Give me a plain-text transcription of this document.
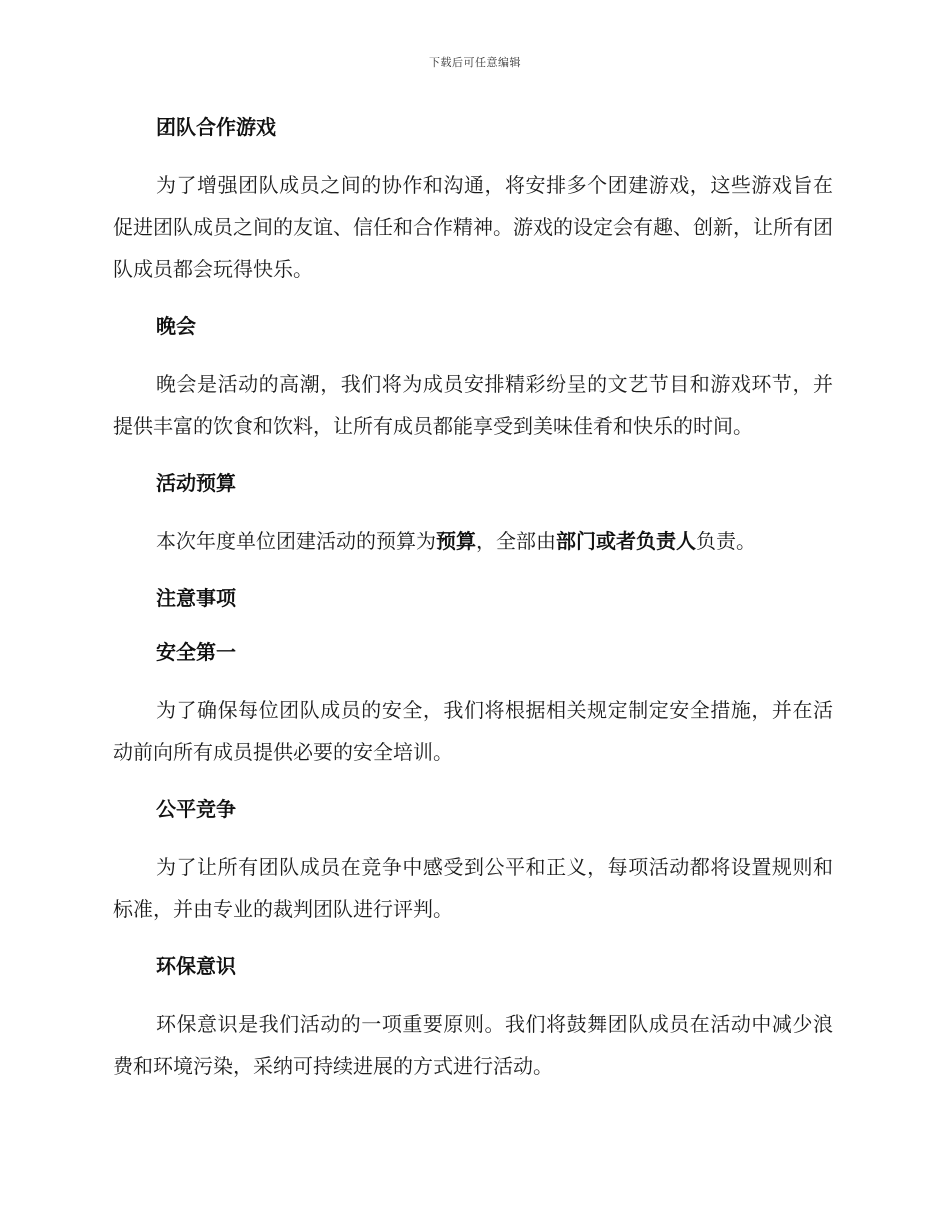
下载后可任意编辑
团队合作游戏

为了增强团队成员之间的协作和沟通，将安排多个团建游戏，这些游戏旨在促进团队成员之间的友谊、信任和合作精神。游戏的设定会有趣、创新，让所有团队成员都会玩得快乐。

晚会

晚会是活动的高潮，我们将为成员安排精彩纷呈的文艺节目和游戏环节，并提供丰富的饮食和饮料，让所有成员都能享受到美味佳肴和快乐的时间。

活动预算

本次年度单位团建活动的预算为预算，全部由部门或者负责人负责。

注意事项
安全第一

为了确保每位团队成员的安全，我们将根据相关规定制定安全措施，并在活动前向所有成员提供必要的安全培训。

公平竞争

为了让所有团队成员在竞争中感受到公平和正义，每项活动都将设置规则和标准，并由专业的裁判团队进行评判。

环保意识

环保意识是我们活动的一项重要原则。我们将鼓舞团队成员在活动中减少浪费和环境污染，采纳可持续进展的方式进行活动。
